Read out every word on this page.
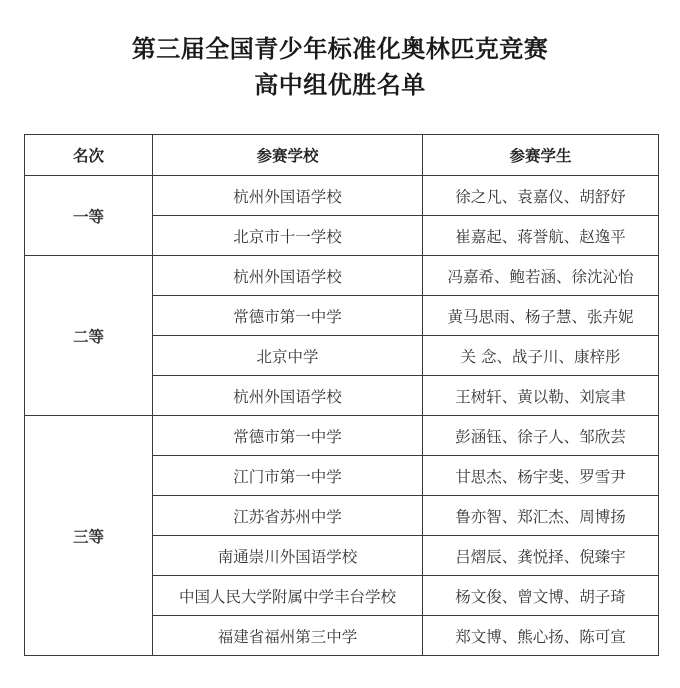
第三届全国青少年标准化奥林匹克竞赛
高中组优胜名单
名次	参赛学校	参赛学生
一等	杭州外国语学校	徐之凡、袁嘉仪、胡舒妤
	北京市十一学校	崔嘉起、蒋誉航、赵逸平
二等	杭州外国语学校	冯嘉希、鲍若涵、徐沈沁怡
	常德市第一中学	黄马思雨、杨子慧、张卉妮
	北京中学	关 念、战子川、康梓彤
	杭州外国语学校	王树轩、黄以勒、刘宸聿
三等	常德市第一中学	彭涵钰、徐子人、邹欣芸
	江门市第一中学	甘思杰、杨宇斐、罗雪尹
	江苏省苏州中学	鲁亦智、郑汇杰、周博扬
	南通崇川外国语学校	吕熠辰、龚悦择、倪臻宇
	中国人民大学附属中学丰台学校	杨文俊、曾文博、胡子琦
	福建省福州第三中学	郑文博、熊心扬、陈可宣
